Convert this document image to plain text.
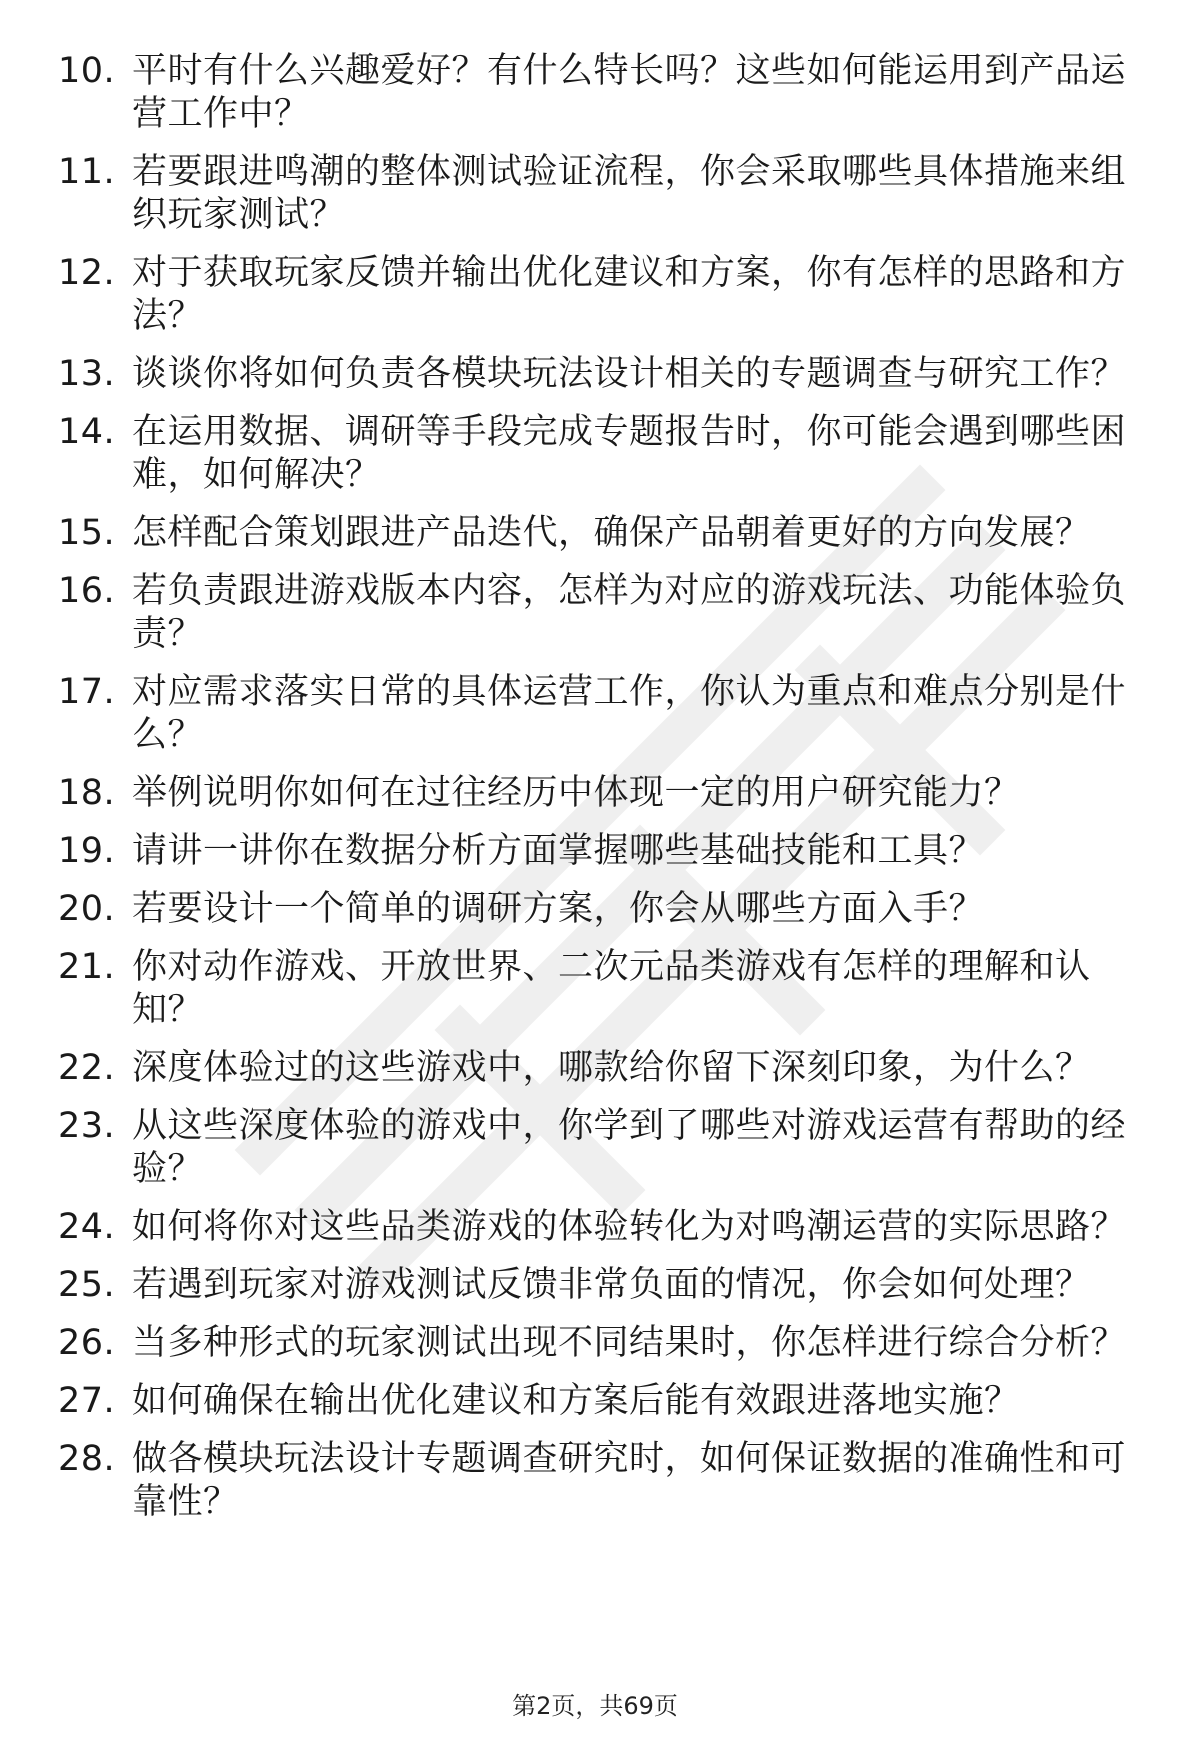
10. 平时有什么兴趣爱好？有什么特长吗？这些如何能运用到产品运营工作中？
11. 若要跟进鸣潮的整体测试验证流程，你会采取哪些具体措施来组织玩家测试？
12. 对于获取玩家反馈并输出优化建议和方案，你有怎样的思路和方法？
13. 谈谈你将如何负责各模块玩法设计相关的专题调查与研究工作？
14. 在运用数据、调研等手段完成专题报告时，你可能会遇到哪些困难，如何解决？
15. 怎样配合策划跟进产品迭代，确保产品朝着更好的方向发展？
16. 若负责跟进游戏版本内容，怎样为对应的游戏玩法、功能体验负责？
17. 对应需求落实日常的具体运营工作，你认为重点和难点分别是什么？
18. 举例说明你如何在过往经历中体现一定的用户研究能力？
19. 请讲一讲你在数据分析方面掌握哪些基础技能和工具？
20. 若要设计一个简单的调研方案，你会从哪些方面入手？
21. 你对动作游戏、开放世界、二次元品类游戏有怎样的理解和认知？
22. 深度体验过的这些游戏中，哪款给你留下深刻印象，为什么？
23. 从这些深度体验的游戏中，你学到了哪些对游戏运营有帮助的经验？
24. 如何将你对这些品类游戏的体验转化为对鸣潮运营的实际思路？
25. 若遇到玩家对游戏测试反馈非常负面的情况，你会如何处理？
26. 当多种形式的玩家测试出现不同结果时，你怎样进行综合分析？
27. 如何确保在输出优化建议和方案后能有效跟进落地实施？
28. 做各模块玩法设计专题调查研究时，如何保证数据的准确性和可靠性？
第2页，共69页
